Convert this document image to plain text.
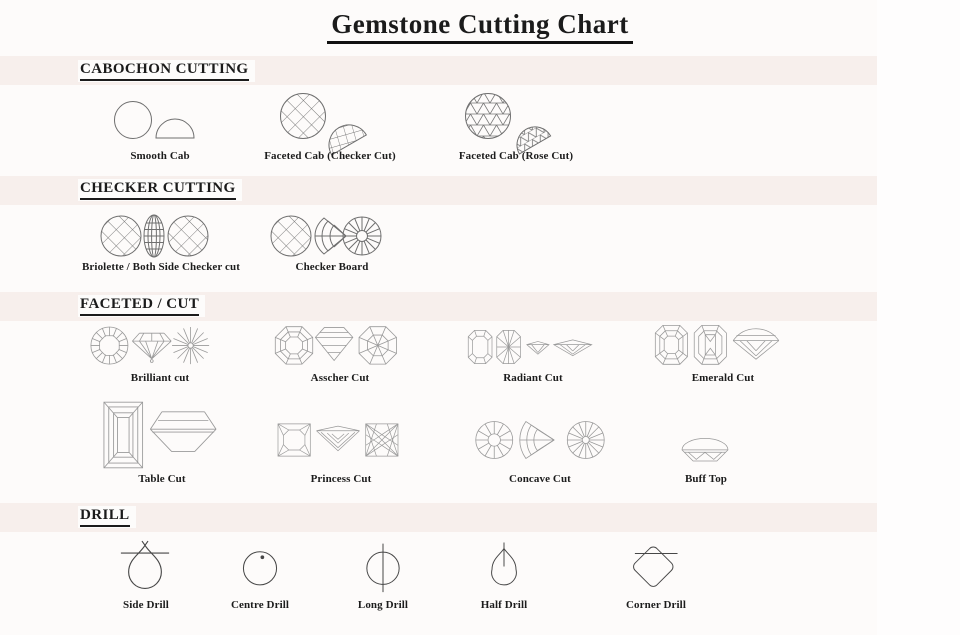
Gemstone Cutting Chart
CABOCHON CUTTING
CHECKER CUTTING
FACETED / CUT
DRILL
Smooth Cab	Faceted Cab (Checker Cut)	Faceted Cab (Rose Cut)
Briolette / Both Side Checker cut	Checker Board
Brilliant cut	Asscher Cut	Radiant Cut	Emerald Cut
Table Cut	Princess Cut	Concave Cut	Buff Top
Side Drill	Centre Drill	Long Drill	Half Drill	Corner Drill
